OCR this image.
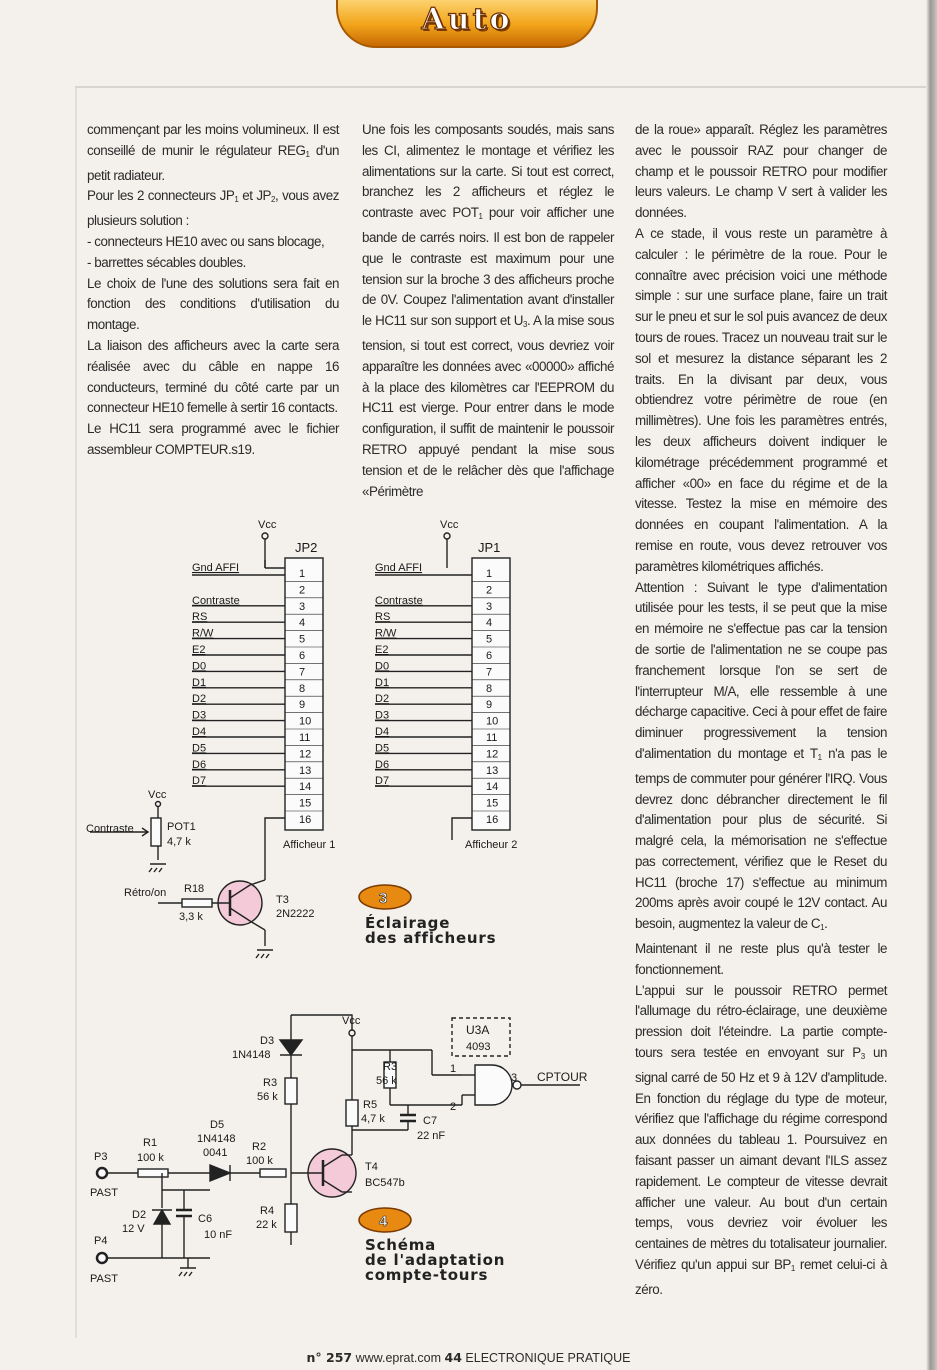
Auto

commençant par les moins volumineux. Il est conseillé de munir le régulateur $REG_1$ d'un petit radiateur.

Pour les 2 connecteurs $JP_1$ et $JP_2$, vous avez plusieurs solution :

- connecteurs HE10 avec ou sans blocage,

- barrettes sécables doubles.

Le choix de l'une des solutions sera fait en fonction des conditions d'utilisation du montage.

La liaison des afficheurs avec la carte sera réalisée avec du câble en nappe 16 conducteurs, terminé du côté carte par un connecteur HE10 femelle à sertir 16 contacts.

Le HC11 sera programmé avec le fichier assembleur COMPTEUR.s19.

Une fois les composants soudés, mais sans les CI, alimentez le montage et vérifiez les alimentations sur la carte. Si tout est correct, branchez les 2 afficheurs et réglez le contraste avec $POT_1$ pour voir afficher une bande de carrés noirs. Il est bon de rappeler que le contraste est maximum pour une tension sur la broche 3 des afficheurs proche de 0V. Coupez l'alimentation avant d'installer le HC11 sur son support et $U_3$. A la mise sous tension, si tout est correct, vous devriez voir apparaître les données avec «00000» affiché à la place des kilomètres car l'EEPROM du HC11 est vierge. Pour entrer dans le mode configuration, il suffit de maintenir le poussoir RETRO appuyé pendant la mise sous tension et de le relâcher dès que l'affichage «Périmètre

de la roue» apparaît. Réglez les paramètres avec le poussoir RAZ pour changer de champ et le poussoir RETRO pour modifier leurs valeurs. Le champ V sert à valider les données.

A ce stade, il vous reste un paramètre à calculer : le périmètre de la roue. Pour le connaître avec précision voici une méthode simple : sur une surface plane, faire un trait sur le pneu et sur le sol puis avancez de deux tours de roues. Tracez un nouveau trait sur le sol et mesurez la distance séparant les 2 traits. En la divisant par deux, vous obtiendrez votre périmètre de roue (en millimètres). Une fois les paramètres entrés, les deux afficheurs doivent indiquer le kilométrage précédemment programmé et afficher «00» en face du régime et de la vitesse. Testez la mise en mémoire des données en coupant l'alimentation. A la remise en route, vous devez retrouver vos paramètres kilométriques affichés.

Attention : Suivant le type d'alimentation utilisée pour les tests, il se peut que la mise en mémoire ne s'effectue pas car la tension de sortie de l'alimentation ne se coupe pas franchement lorsque l'on se sert de l'interrupteur M/A, elle ressemble à une décharge capacitive. Ceci à pour effet de faire diminuer progressivement la tension d'alimentation du montage et $T_1$ n'a pas le temps de commuter pour générer l'IRQ. Vous devrez donc débrancher directement le fil d'alimentation pour plus de sécurité. Si malgré cela, la mémorisation ne s'effectue pas correctement, vérifiez que le Reset du HC11 (broche 17) s'effectue au minimum 200ms après avoir coupé le 12V contact. Au besoin, augmentez la valeur de $C_1$.

Maintenant il ne reste plus qu'à tester le fonctionnement.

L'appui sur le poussoir RETRO permet l'allumage du rétro-éclairage, une deuxième pression doit l'éteindre. La partie compte-tours sera testée en envoyant sur $P_3$ un signal carré de 50 Hz et 9 à 12V d'amplitude. En fonction du réglage du type de moteur, vérifiez que l'affichage du régime correspond aux données du tableau 1. Poursuivez en faisant passer un aimant devant l'ILS assez rapidement. Le compteur de vitesse devrait afficher une valeur. Au bout d'un certain temps, vous devriez voir évoluer les centaines de mètres du totalisateur journalier. Vérifiez qu'un appui sur $BP_1$ remet celui-ci à zéro.

Vcc	Vcc
JP2	JP1
Gnd AFFI
Contraste
RS
R/W
E2
D0
D1
D2
D3
D4
D5
D6
D7
Gnd AFFI
Contraste
RS
R/W
E2
D0
D1
D2
D3
D4
D5
D6
D7
1
2
3
4
5
6
7
8
9
10
11
12
13
14
15
16
1
2
3
4
5
6
7
8
9
10
11
12
13
14
15
16
Afficheur 1	Afficheur 2
Vcc
Contraste	POT1
4,7 k
Rétro/on R18
3,3 k
T3
2N2222
Vcc
D3
1N4148
R3
56 k
D5
1N4148
0041
R1
100 k
R2
100 k
P3
PAST
P4
PAST
D2
12 V
C6
10 nF
R4
22 k
T4
BC547b
R3
56 k
R5
4,7 k	C7
22 nF
U3A
4093
1
2
3 CPTOUR
3
Éclairage
des afficheurs
4
Schéma
de l'adaptation
compte-tours
n° 257 www.eprat.com 44 ELECTRONIQUE PRATIQUE
